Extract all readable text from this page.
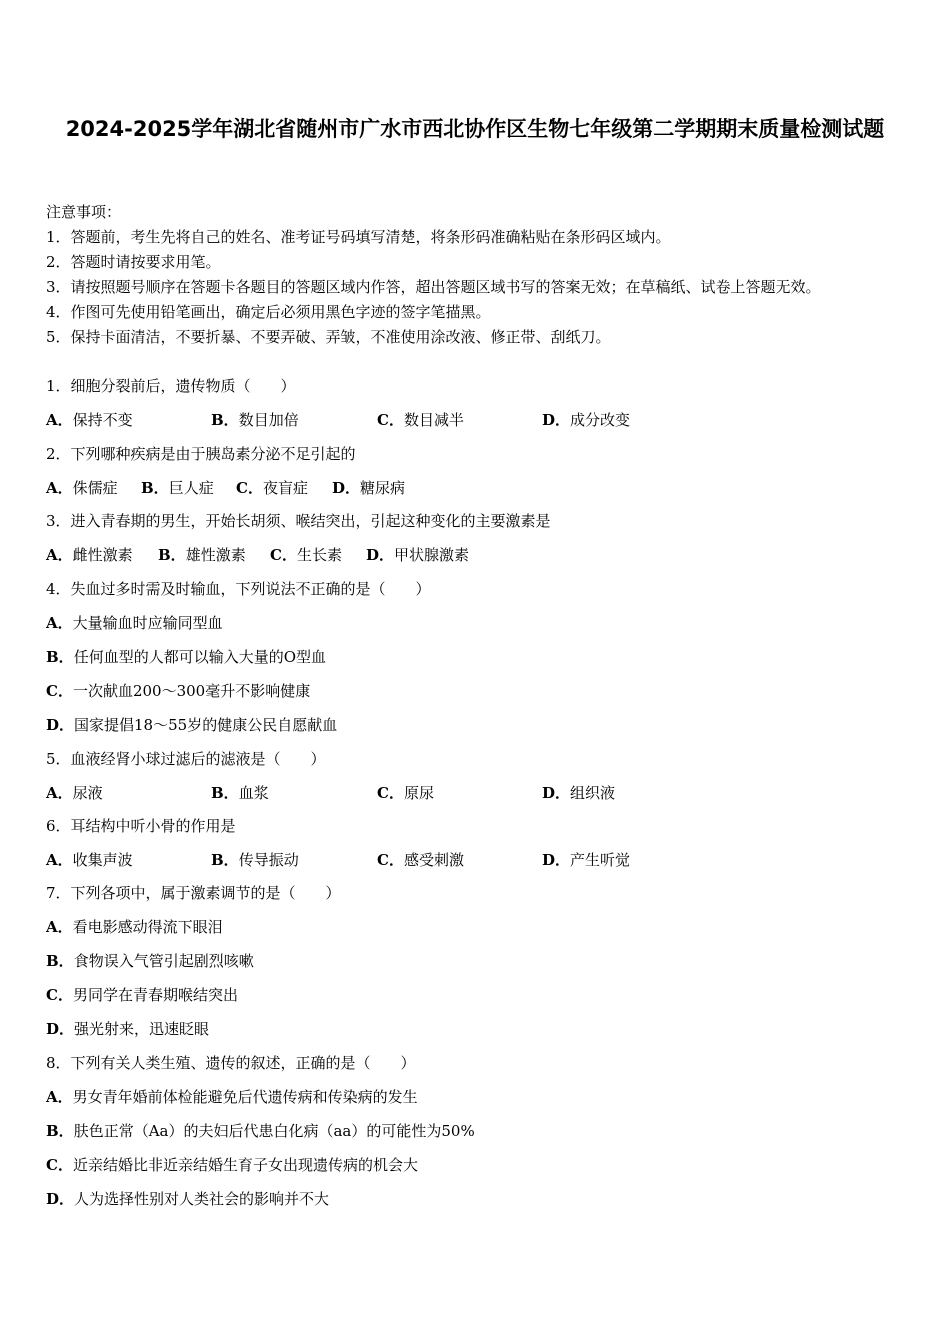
2024-2025学年湖北省随州市广水市西北协作区生物七年级第二学期期末质量检测试题
注意事项：
1．答题前，考生先将自己的姓名、准考证号码填写清楚，将条形码准确粘贴在条形码区域内。
2．答题时请按要求用笔。
3．请按照题号顺序在答题卡各题目的答题区域内作答，超出答题区域书写的答案无效；在草稿纸、试卷上答题无效。
4．作图可先使用铅笔画出，确定后必须用黑色字迹的签字笔描黑。
5．保持卡面清洁，不要折暴、不要弄破、弄皱，不准使用涂改液、修正带、刮纸刀。
1．细胞分裂前后，遗传物质（　　）
A．保持不变	B．数目加倍	C．数目减半	D．成分改变
2．下列哪种疾病是由于胰岛素分泌不足引起的
A．侏儒症 B．巨人症 C．夜盲症 D．糖尿病
3．进入青春期的男生，开始长胡须、喉结突出，引起这种变化的主要激素是
A．雌性激素 B．雄性激素 C．生长素 D．甲状腺激素
4．失血过多时需及时输血，下列说法不正确的是（　　）
A．大量输血时应输同型血
B．任何血型的人都可以输入大量的O型血
C．一次献血200～300毫升不影响健康
D．国家提倡18～55岁的健康公民自愿献血
5．血液经肾小球过滤后的滤液是（　　）
A．尿液	B．血浆	C．原尿	D．组织液
6．耳结构中听小骨的作用是
A．收集声波	B．传导振动	C．感受刺激	D．产生听觉
7．下列各项中，属于激素调节的是（　　）
A．看电影感动得流下眼泪
B．食物误入气管引起剧烈咳嗽
C．男同学在青春期喉结突出
D．强光射来，迅速眨眼
8．下列有关人类生殖、遗传的叙述，正确的是（　　）
A．男女青年婚前体检能避免后代遗传病和传染病的发生
B．肤色正常（Aa）的夫妇后代患白化病（aa）的可能性为50%
C．近亲结婚比非近亲结婚生育子女出现遗传病的机会大
D．人为选择性别对人类社会的影响并不大
